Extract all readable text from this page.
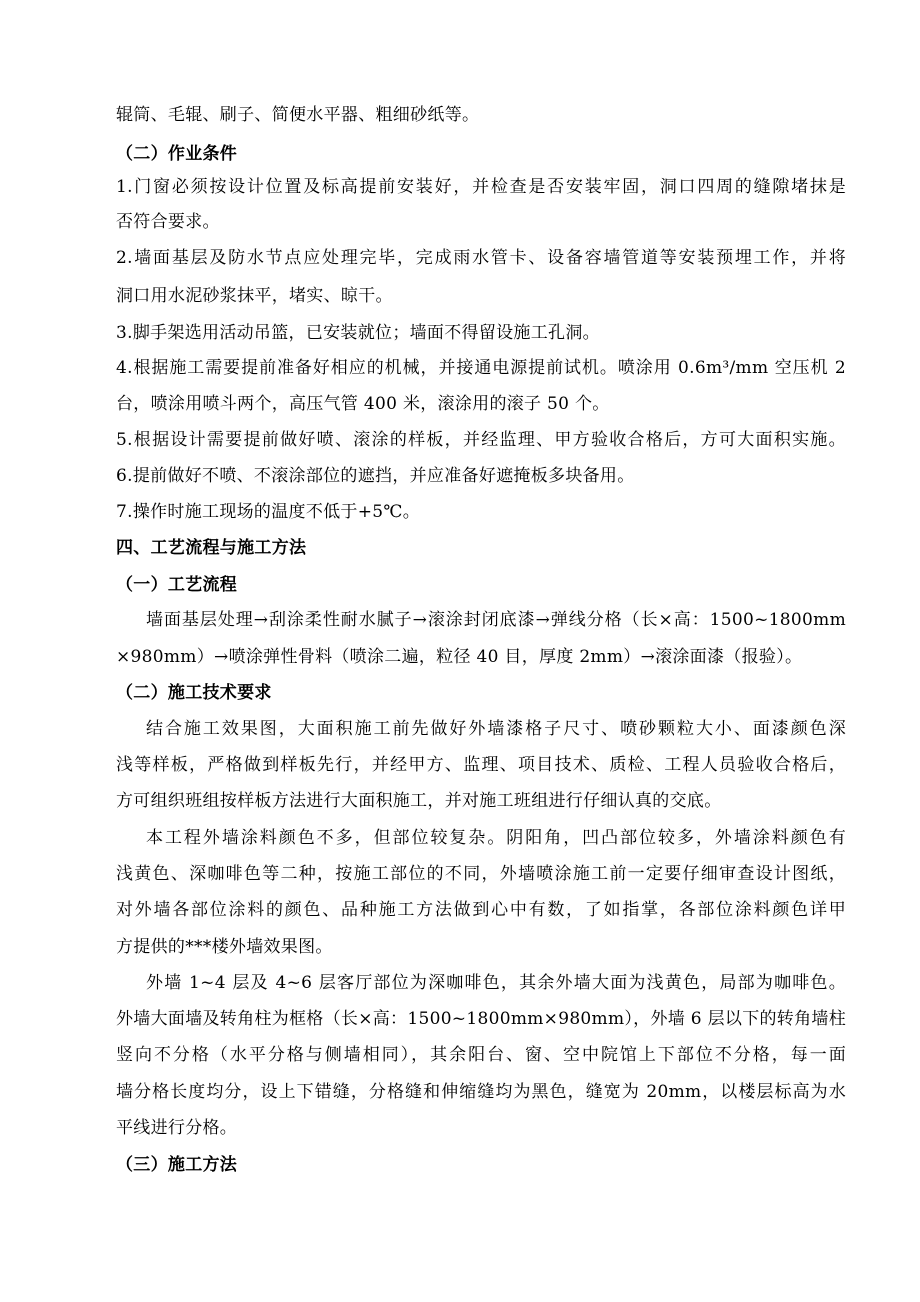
辊筒、毛辊、刷子、简便水平器、粗细砂纸等。
（二）作业条件
1.门窗必须按设计位置及标高提前安装好，并检查是否安装牢固，洞口四周的缝隙堵抹是
否符合要求。
2.墙面基层及防水节点应处理完毕，完成雨水管卡、设备容墙管道等安装预埋工作，并将
洞口用水泥砂浆抹平，堵实、晾干。
3.脚手架选用活动吊篮，已安装就位；墙面不得留设施工孔洞。
4.根据施工需要提前准备好相应的机械，并接通电源提前试机。喷涂用 0.6m³/mm 空压机 2
台，喷涂用喷斗两个，高压气管 400 米，滚涂用的滚子 50 个。
5.根据设计需要提前做好喷、滚涂的样板，并经监理、甲方验收合格后，方可大面积实施。
6.提前做好不喷、不滚涂部位的遮挡，并应准备好遮掩板多块备用。
7.操作时施工现场的温度不低于+5℃。
四、工艺流程与施工方法
（一）工艺流程
墙面基层处理→刮涂柔性耐水腻子→滚涂封闭底漆→弹线分格（长×高：1500~1800mm
×980mm）→喷涂弹性骨料（喷涂二遍，粒径 40 目，厚度 2mm）→滚涂面漆（报验）。
（二）施工技术要求
结合施工效果图，大面积施工前先做好外墙漆格子尺寸、喷砂颗粒大小、面漆颜色深
浅等样板，严格做到样板先行，并经甲方、监理、项目技术、质检、工程人员验收合格后，
方可组织班组按样板方法进行大面积施工，并对施工班组进行仔细认真的交底。
本工程外墙涂料颜色不多，但部位较复杂。阴阳角，凹凸部位较多，外墙涂料颜色有
浅黄色、深咖啡色等二种，按施工部位的不同，外墙喷涂施工前一定要仔细审查设计图纸，
对外墙各部位涂料的颜色、品种施工方法做到心中有数，了如指掌，各部位涂料颜色详甲
方提供的***楼外墙效果图。
外墙 1~4 层及 4~6 层客厅部位为深咖啡色，其余外墙大面为浅黄色，局部为咖啡色。
外墙大面墙及转角柱为框格（长×高：1500~1800mm×980mm），外墙 6 层以下的转角墙柱
竖向不分格（水平分格与侧墙相同），其余阳台、窗、空中院馆上下部位不分格，每一面
墙分格长度均分，设上下错缝，分格缝和伸缩缝均为黑色，缝宽为 20mm，以楼层标高为水
平线进行分格。
（三）施工方法
